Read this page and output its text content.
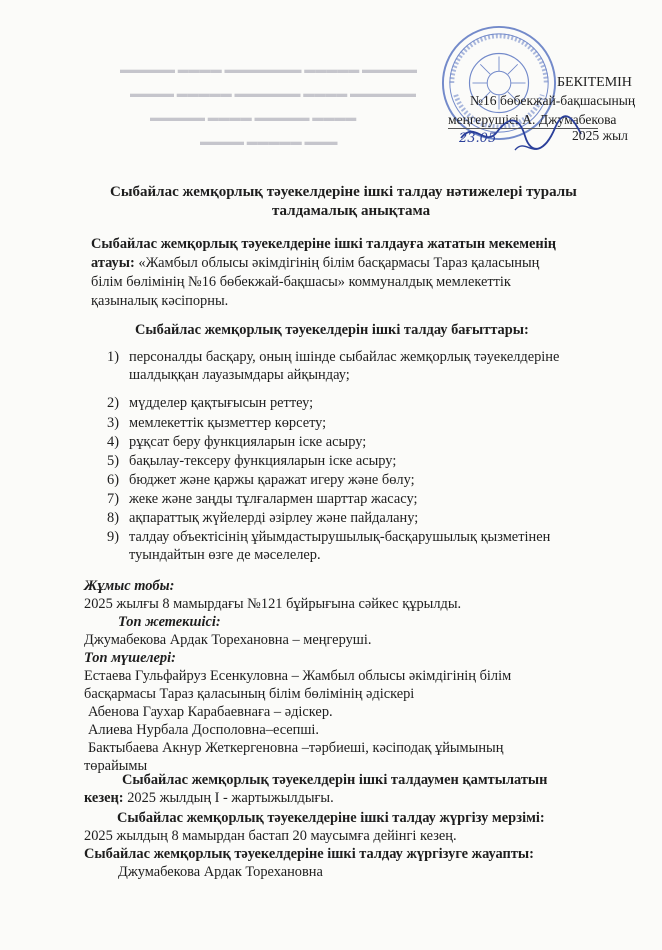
▬▬▬▬▬ ▬▬▬▬ ▬▬▬▬▬▬▬ ▬▬▬▬▬ ▬▬▬▬▬
▬▬▬▬ ▬▬▬▬▬ ▬▬▬▬▬▬ ▬▬▬▬ ▬▬▬▬▬▬
▬▬▬▬▬ ▬▬▬▬ ▬▬▬▬▬ ▬▬▬▬
▬▬▬▬ ▬▬▬▬▬ ▬▬▬
БЕКІТЕМІН
№16 бөбекжай-бақшасының
меңгерушісі А. Джумабекова
23.05	2025 жыл
Сыбайлас жемқорлық тәуекелдеріне ішкі талдау нәтижелері туралы
талдамалық анықтама
Сыбайлас жемқорлық тәуекелдеріне ішкі талдауға жататын мекеменің
атауы: «Жамбыл облысы әкімдігінің білім басқармасы Тараз қаласының
білім бөлімінің №16 бөбекжай-бақшасы» коммуналдық мемлекеттік
қазыналық кәсіпорны.
Сыбайлас жемқорлық тәуекелдерін ішкі талдау бағыттары:
1) персоналды басқару, оның ішінде сыбайлас жемқорлық тәуекелдеріне
шалдыққан лауазымдары айқындау;
2) мүдделер қақтығысын реттеу;
3) мемлекеттік қызметтер көрсету;
4) рұқсат беру функцияларын іске асыру;
5) бақылау-тексеру функцияларын іске асыру;
6) бюджет және қаржы қаражат игеру және бөлу;
7) жеке және заңды тұлғалармен шарттар жасасу;
8) ақпараттық жүйелерді әзірлеу және пайдалану;
9) талдау объектісінің ұйымдастырушылық-басқарушылық қызметінен
туындайтын өзге де мәселелер.
Жұмыс тобы:
2025 жылғы 8 мамырдағы №121 бұйрығына сәйкес құрылды.
Топ жетекшісі:
Джумабекова Ардак Торехановна – меңгеруші.
Топ мүшелері:
Естаева Гульфайруз Есенкуловна – Жамбыл облысы әкімдігінің білім
басқармасы Тараз қаласының білім бөлімінің әдіскері
Абенова Гаухар Карабаевнаға – әдіскер.
Алиева Нурбала Досполовна–есепші.
Бактыбаева Акнур Жеткергеновна –тәрбиеші, кәсіподақ ұйымының
төрайымы
Сыбайлас жемқорлық тәуекелдерін ішкі талдаумен қамтылатын
кезең: 2025 жылдың I - жартыжылдығы.
Сыбайлас жемқорлық тәуекелдеріне ішкі талдау жүргізу мерзімі:
2025 жылдың 8 мамырдан бастап 20 маусымға дейінгі кезең.
Сыбайлас жемқорлық тәуекелдеріне ішкі талдау жүргізуге жауапты:
Джумабекова Ардак Торехановна
